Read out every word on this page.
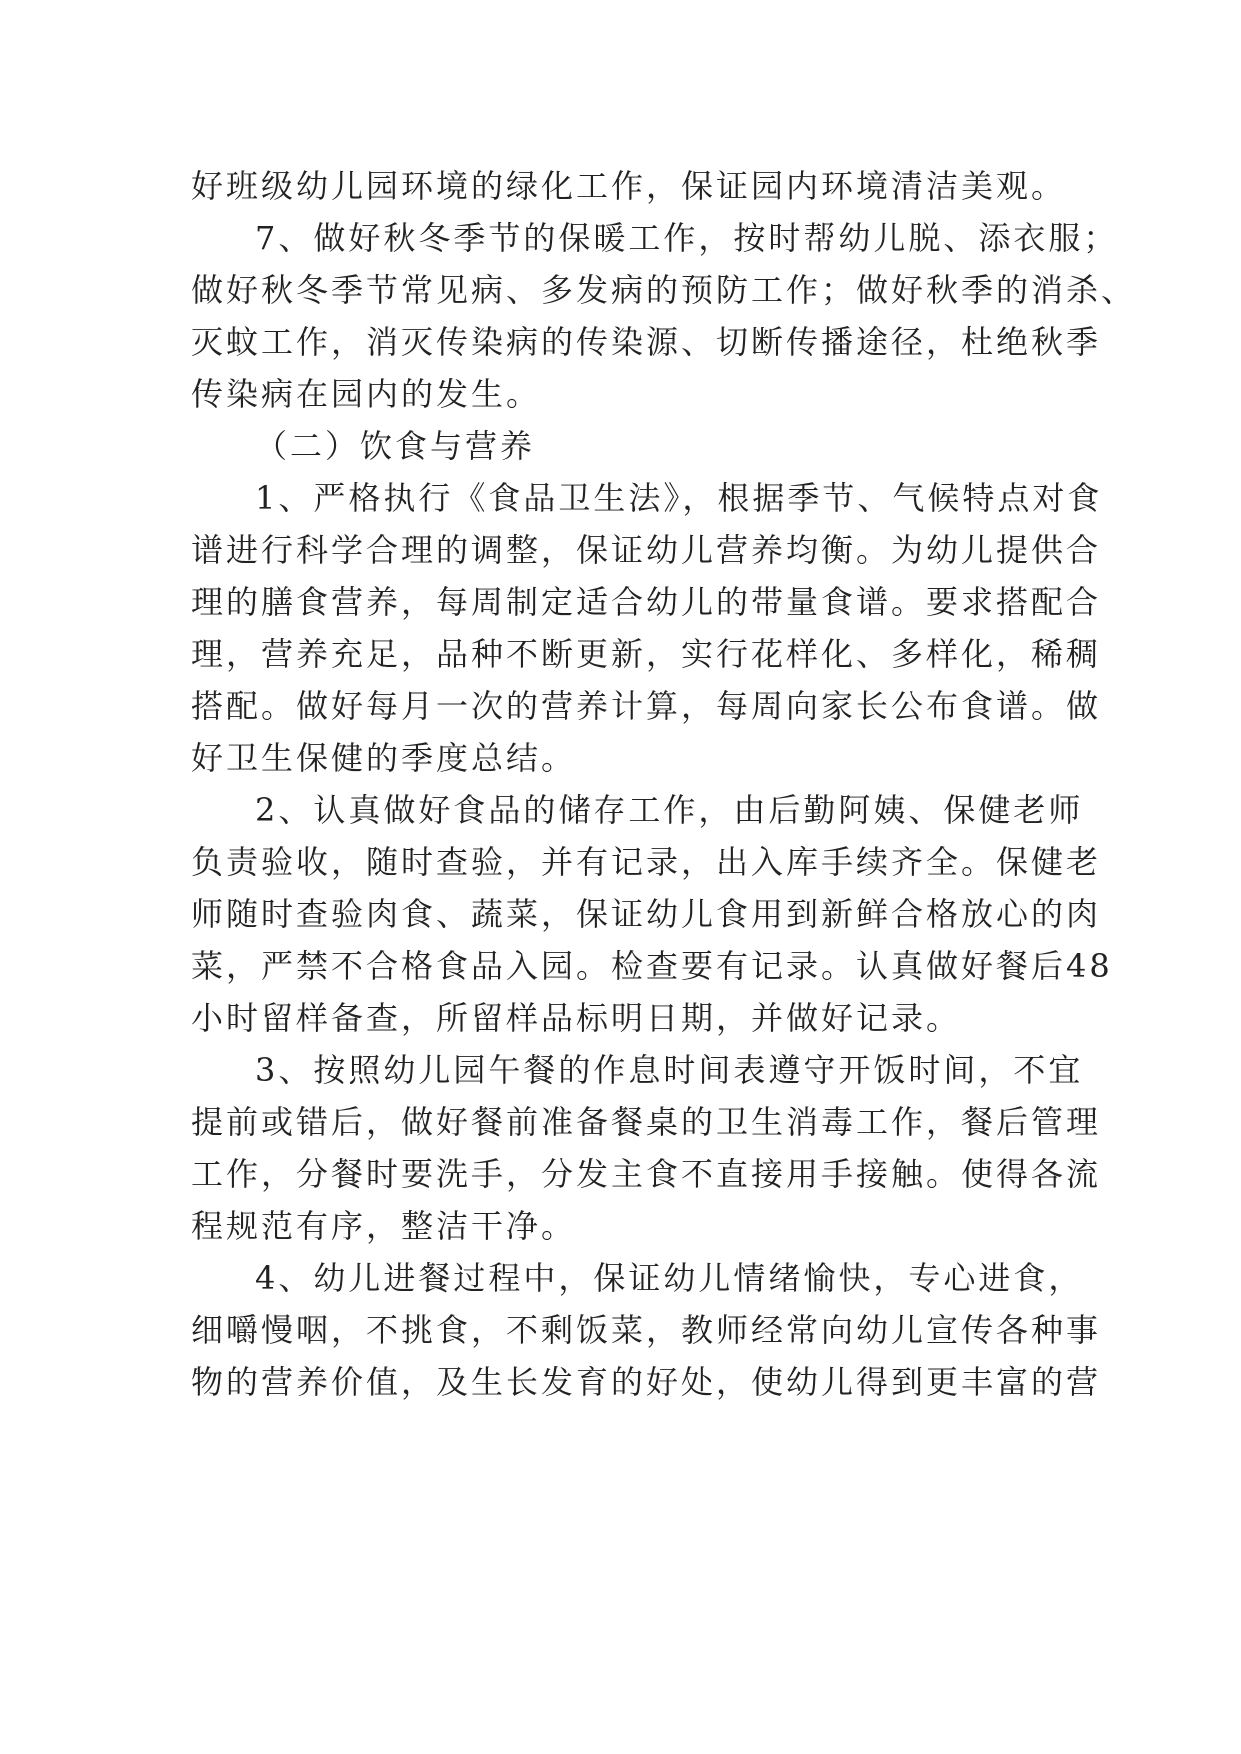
好班级幼儿园环境的绿化工作，保证园内环境清洁美观。
7、做好秋冬季节的保暖工作，按时帮幼儿脱、添衣服；
做好秋冬季节常见病、多发病的预防工作；做好秋季的消杀、
灭蚊工作，消灭传染病的传染源、切断传播途径，杜绝秋季
传染病在园内的发生。
（二）饮食与营养
1、严格执行《食品卫生法》，根据季节、气候特点对食
谱进行科学合理的调整，保证幼儿营养均衡。为幼儿提供合
理的膳食营养，每周制定适合幼儿的带量食谱。要求搭配合
理，营养充足，品种不断更新，实行花样化、多样化，稀稠
搭配。做好每月一次的营养计算，每周向家长公布食谱。做
好卫生保健的季度总结。
2、认真做好食品的储存工作，由后勤阿姨、保健老师
负责验收，随时查验，并有记录，出入库手续齐全。保健老
师随时查验肉食、蔬菜，保证幼儿食用到新鲜合格放心的肉
菜，严禁不合格食品入园。检查要有记录。认真做好餐后48
小时留样备查，所留样品标明日期，并做好记录。
3、按照幼儿园午餐的作息时间表遵守开饭时间，不宜
提前或错后，做好餐前准备餐桌的卫生消毒工作，餐后管理
工作，分餐时要洗手，分发主食不直接用手接触。使得各流
程规范有序，整洁干净。
4、幼儿进餐过程中，保证幼儿情绪愉快，专心进食，
细嚼慢咽，不挑食，不剩饭菜，教师经常向幼儿宣传各种事
物的营养价值，及生长发育的好处，使幼儿得到更丰富的营
